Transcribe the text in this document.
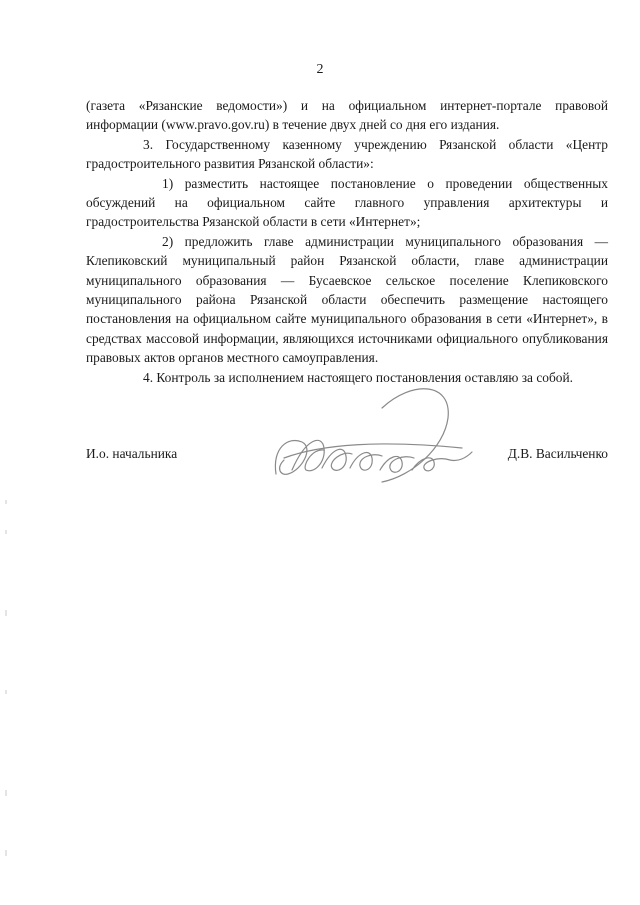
2

(газета «Рязанские ведомости») и на официальном интернет-портале правовой информации (www.pravo.gov.ru) в течение двух дней со дня его издания.

3. Государственному казенному учреждению Рязанской области «Центр градостроительного развития Рязанской области»:

1) разместить настоящее постановление о проведении общественных обсуждений на официальном сайте главного управления архитектуры и градостроительства Рязанской области в сети «Интернет»;

2) предложить главе администрации муниципального образования — Клепиковский муниципальный район Рязанской области, главе администрации муниципального образования — Бусаевское сельское поселение Клепиковского муниципального района Рязанской области обеспечить размещение настоящего постановления на официальном сайте муниципального образования в сети «Интернет», в средствах массовой информации, являющихся источниками официального опубликования правовых актов органов местного самоуправления.

4. Контроль за исполнением настоящего постановления оставляю за собой.

И.о. начальника	Д.В. Васильченко
